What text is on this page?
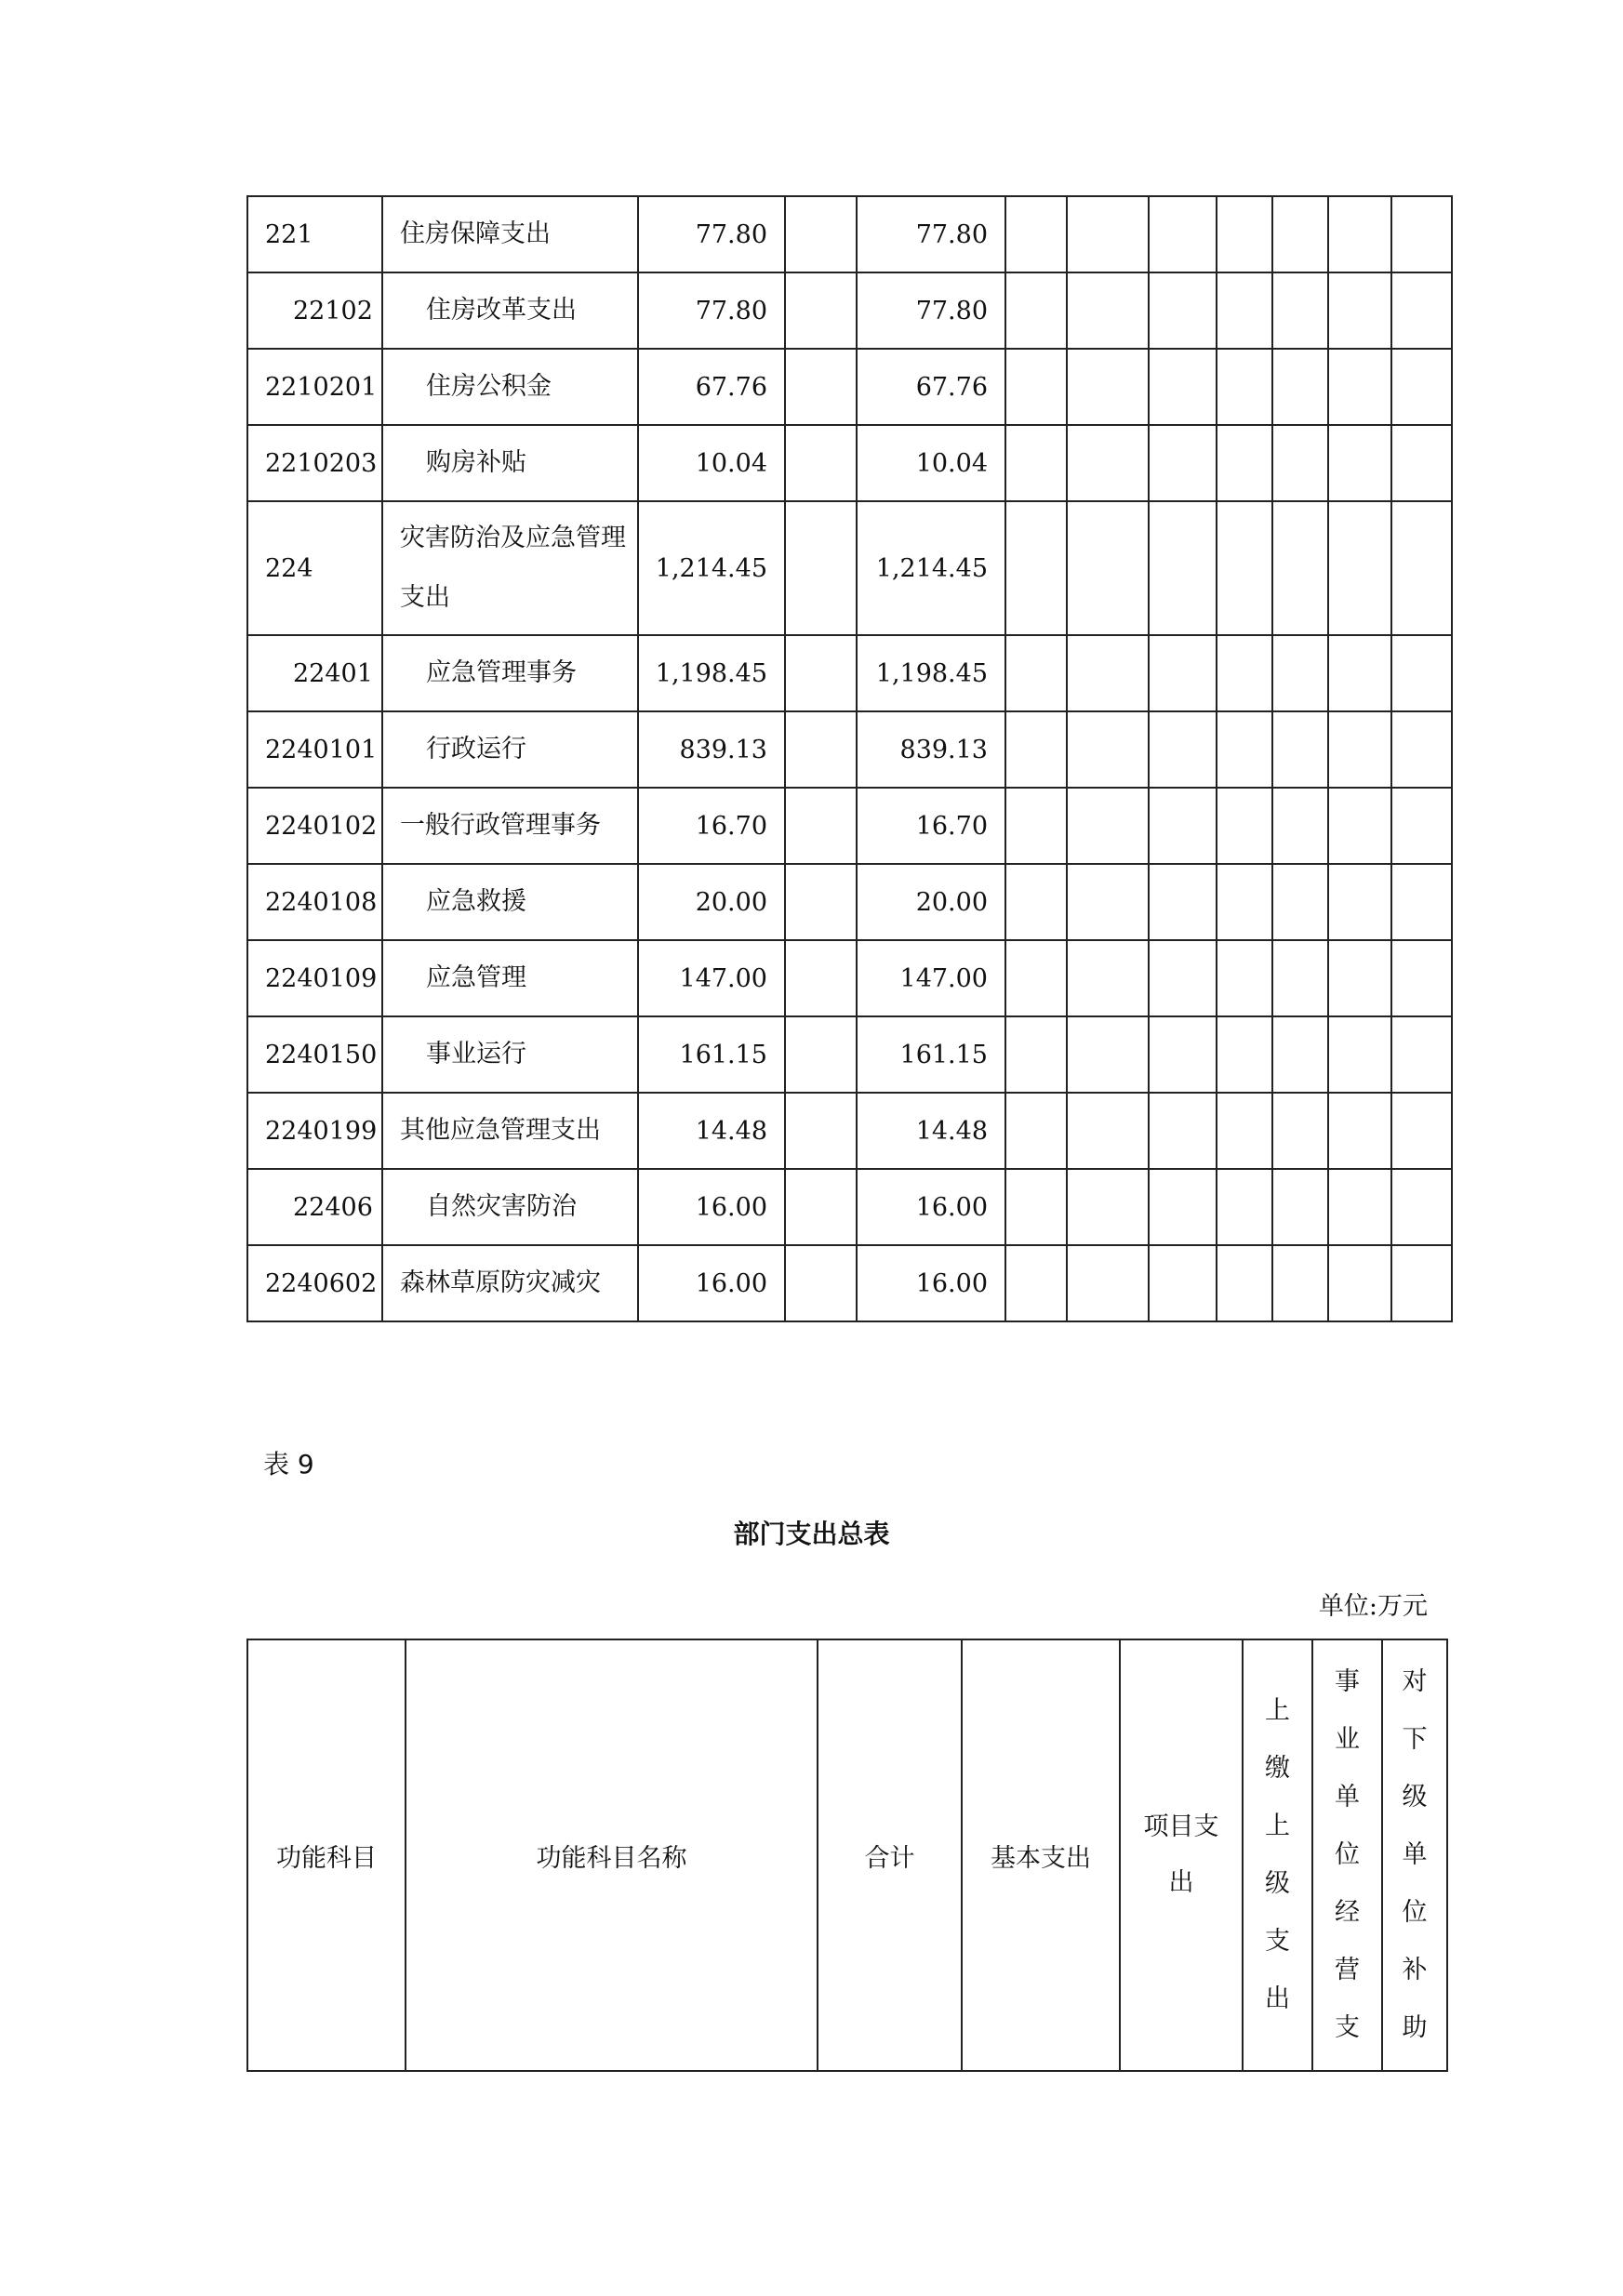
221	住房保障支出	77.80		77.80							
22102	住房改革支出	77.80		77.80							
2210201	住房公积金	67.76		67.76							
2210203	购房补贴	10.04		10.04							
224	灾害防治及应急管理支出	1,214.45		1,214.45							
22401	应急管理事务	1,198.45		1,198.45							
2240101	行政运行	839.13		839.13							
2240102	一般行政管理事务	16.70		16.70							
2240108	应急救援	20.00		20.00							
2240109	应急管理	147.00		147.00							
2240150	事业运行	161.15		161.15							
2240199	其他应急管理支出	14.48		14.48							
22406	自然灾害防治	16.00		16.00							
2240602	森林草原防灾减灾	16.00		16.00							
表 9
部门支出总表
单位:万元
功能科目	功能科目名称	合计	基本支出	项目支出	上缴上级支出	事业单位经营支	对下级单位补助
